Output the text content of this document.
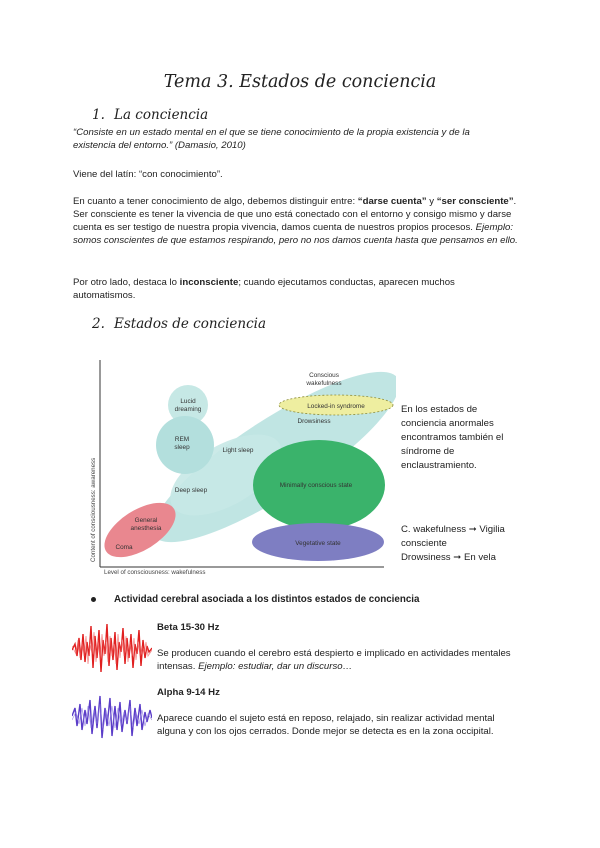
Tema 3. Estados de conciencia
1. La conciencia

“Consiste en un estado mental en el que se tiene conocimiento de la propia existencia y de la existencia del entorno.” (Damasio, 2010)

Viene del latín: “con conocimiento”.

En cuanto a tener conocimiento de algo, debemos distinguir entre: “darse cuenta” y “ser consciente”. Ser consciente es tener la vivencia de que uno está conectado con el entorno y consigo mismo y darse cuenta es ser testigo de nuestra propia vivencia, damos cuenta de nuestros propios procesos. Ejemplo: somos conscientes de que estamos respirando, pero no nos damos cuenta hasta que pensamos en ello.

Por otro lado, destaca lo inconsciente; cuando ejecutamos conductas, aparecen muchos automatismos.

2. Estados de conciencia
Lucid
dreaming
REM
sleep	Light sleep
Deep sleep
General
anesthesia
Coma
Conscious
wakefulness
Locked-in syndrome
Drowsiness
Minimally conscious state
Vegetative state
Content of consciousness: awareness
Level of consciousness: wakefulness

En los estados de conciencia anormales encontramos también el síndrome de enclaustramiento.

C. wakefulness ➞ Vigilia consciente
Drowsiness ➞ En vela
Actividad cerebral asociada a los distintos estados de conciencia
Beta 15-30 Hz

Se producen cuando el cerebro está despierto e implicado en actividades mentales intensas. Ejemplo: estudiar, dar un discurso…

Alpha 9-14 Hz

Aparece cuando el sujeto está en reposo, relajado, sin realizar actividad mental alguna y con los ojos cerrados. Donde mejor se detecta es en la zona occipital.
